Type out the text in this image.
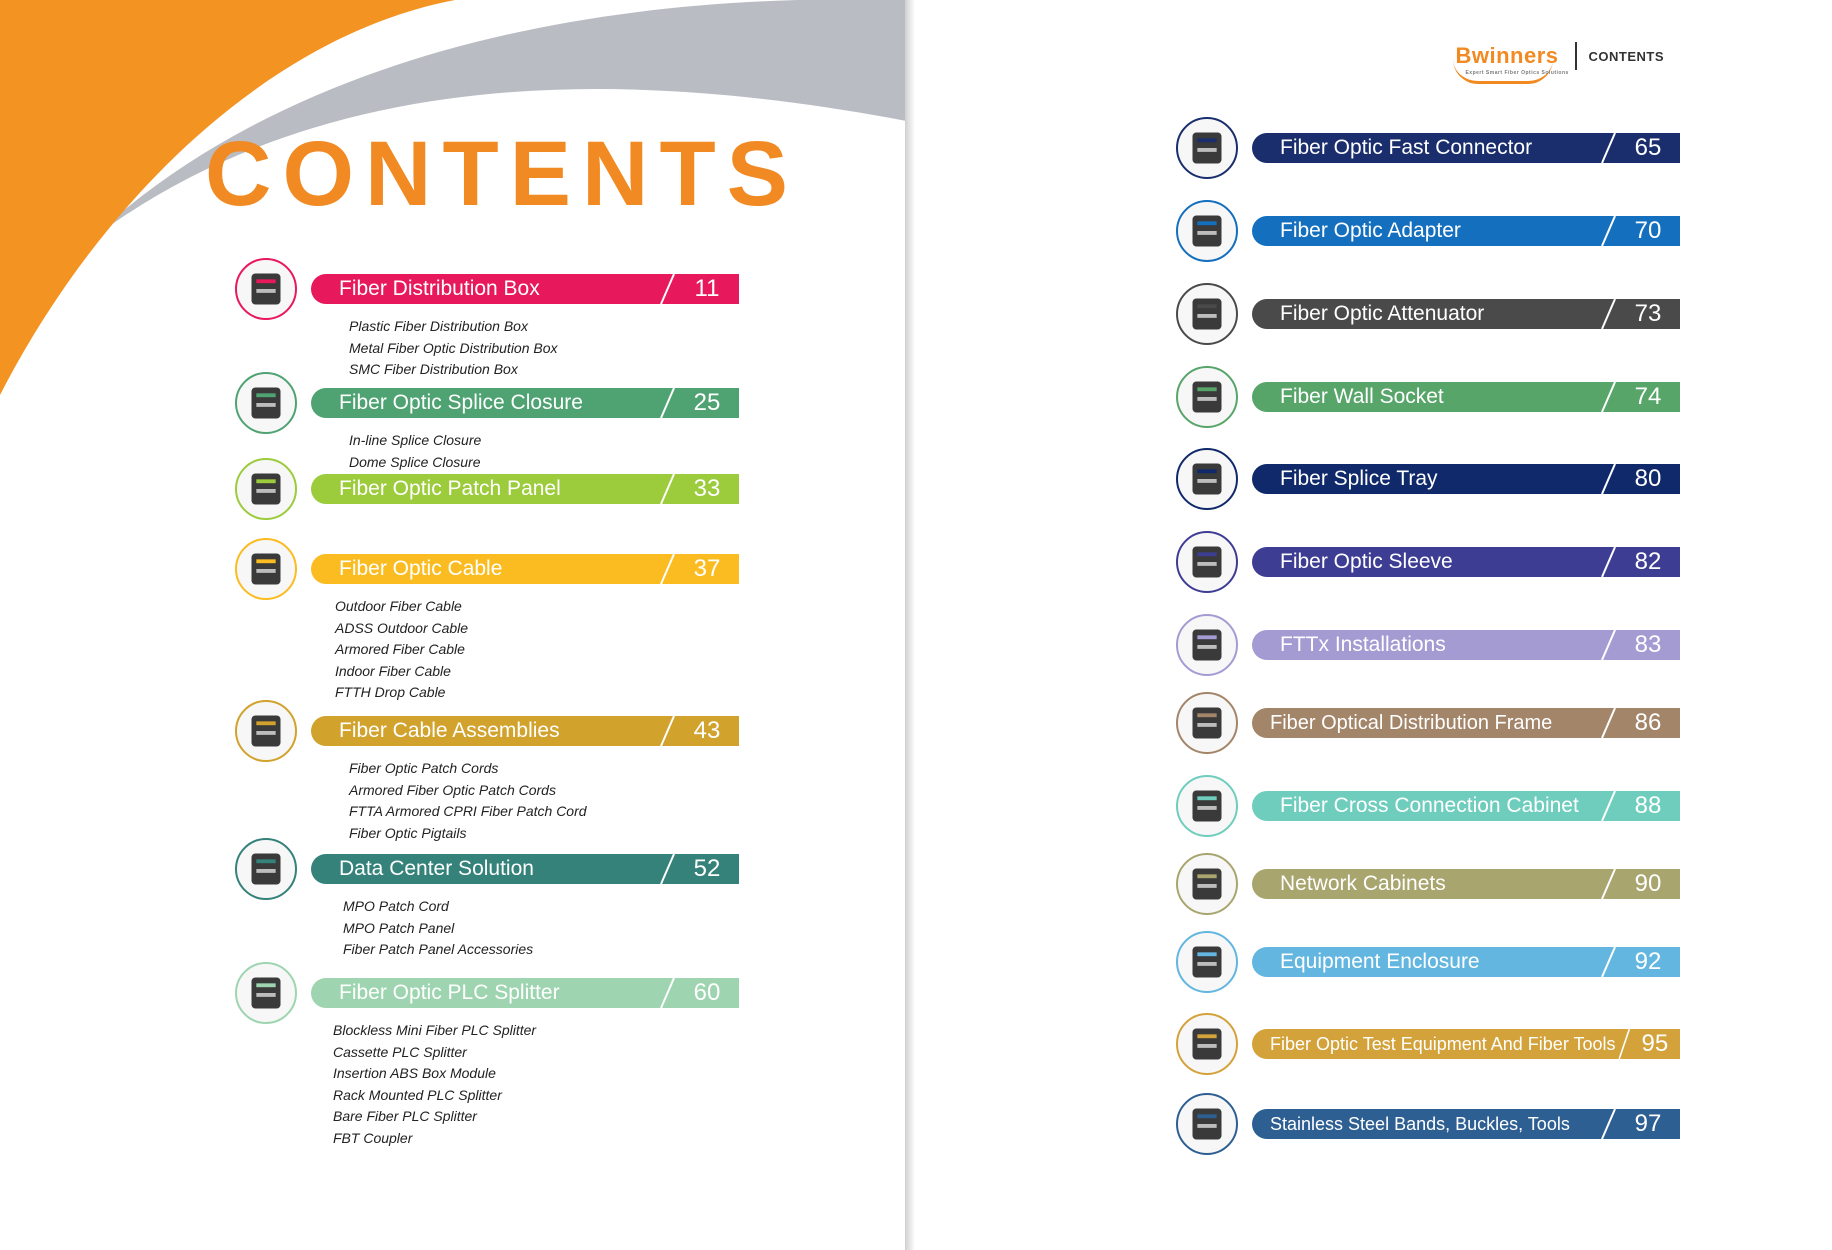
CONTENTS
Bwinners
Expert Smart Fiber Optics Solutions
CONTENTS
Fiber Distribution Box	11
Plastic Fiber Distribution Box
Metal Fiber Optic Distribution Box
SMC Fiber Distribution Box
Fiber Optic Splice Closure	25
In-line Splice Closure
Dome Splice Closure
Fiber Optic Patch Panel	33
Fiber Optic Cable	37
Outdoor Fiber Cable
ADSS Outdoor Cable
Armored Fiber Cable
Indoor Fiber Cable
FTTH Drop Cable
Fiber Cable Assemblies	43
Fiber Optic Patch Cords
Armored Fiber Optic Patch Cords
FTTA Armored CPRI Fiber Patch Cord
Fiber Optic Pigtails
Data Center Solution	52
MPO Patch Cord
MPO Patch Panel
Fiber Patch Panel Accessories
Fiber Optic PLC Splitter	60
Blockless Mini Fiber PLC Splitter
Cassette PLC Splitter
Insertion ABS Box Module
Rack Mounted PLC Splitter
Bare Fiber PLC Splitter
FBT Coupler
Fiber Optic Fast Connector	65
Fiber Optic Adapter	70
Fiber Optic Attenuator	73
Fiber Wall Socket	74
Fiber Splice Tray	80
Fiber Optic Sleeve	82
FTTx Installations	83
Fiber Optical Distribution Frame	86
Fiber Cross Connection Cabinet	88
Network Cabinets	90
Equipment Enclosure	92
Fiber Optic Test Equipment And Fiber Tools	95
Stainless Steel Bands, Buckles, Tools	97
